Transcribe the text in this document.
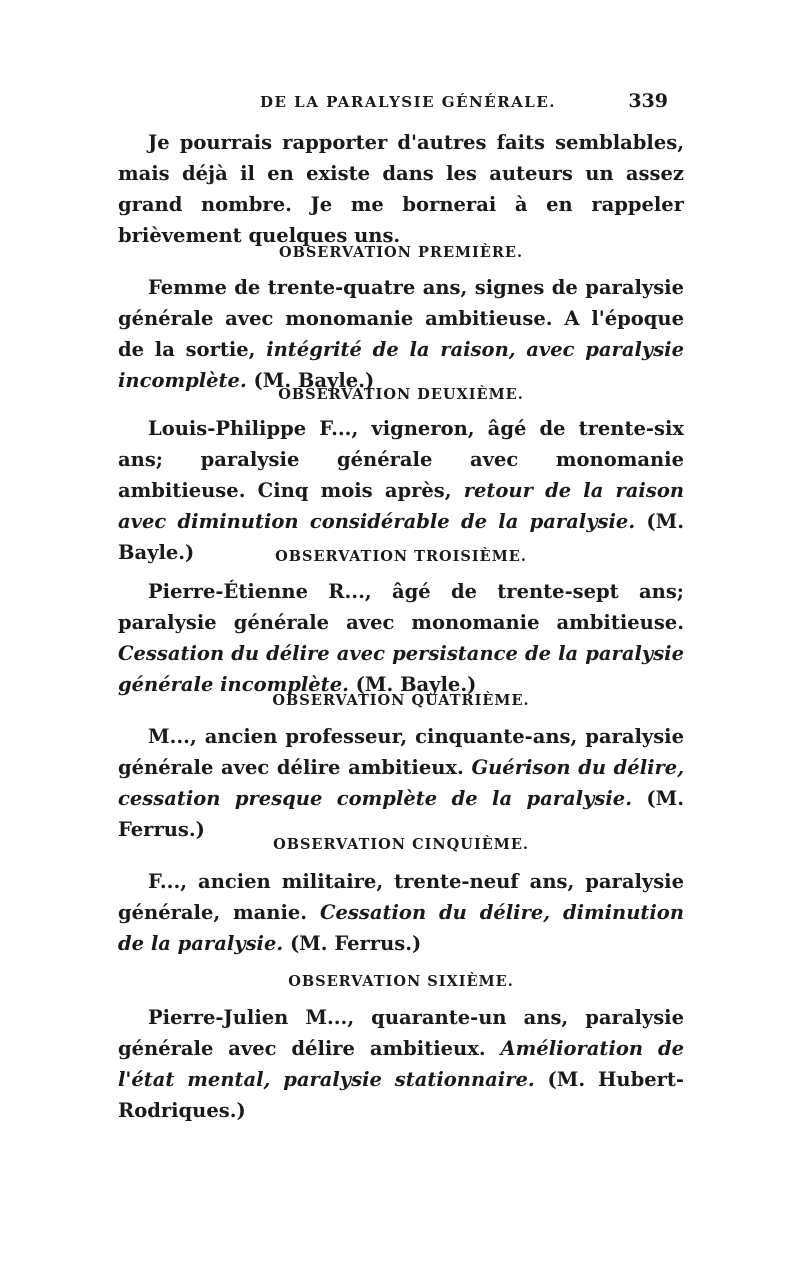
DE LA PARALYSIE GÉNÉRALE.	339

Je pourrais rapporter d'autres faits semblables, mais déjà il en existe dans les auteurs un assez grand nombre. Je me bornerai à en rappeler brièvement quelques uns.

OBSERVATION PREMIÈRE.

Femme de trente-quatre ans, signes de paralysie générale avec monomanie ambitieuse. A l'époque de la sortie, intégrité de la raison, avec paralysie incomplète. (M. Bayle.)

OBSERVATION DEUXIÈME.

Louis-Philippe F..., vigneron, âgé de trente-six ans; paralysie générale avec monomanie ambitieuse. Cinq mois après, retour de la raison avec diminution considérable de la paralysie. (M. Bayle.)	OBSERVATION TROISIÈME.

Pierre-Étienne R..., âgé de trente-sept ans; paralysie générale avec monomanie ambitieuse. Cessation du délire avec persistance de la paralysie générale incomplète. (M. Bayle.)

OBSERVATION QUATRIÈME.

M..., ancien professeur, cinquante-ans, paralysie générale avec délire ambitieux. Guérison du délire, cessation presque complète de la paralysie. (M. Ferrus.)

OBSERVATION CINQUIÈME.

F..., ancien militaire, trente-neuf ans, paralysie générale, manie. Cessation du délire, diminution de la paralysie. (M. Ferrus.)

OBSERVATION SIXIÈME.

Pierre-Julien M..., quarante-un ans, paralysie générale avec délire ambitieux. Amélioration de l'état mental, paralysie stationnaire. (M. Hubert-Rodriques.)
